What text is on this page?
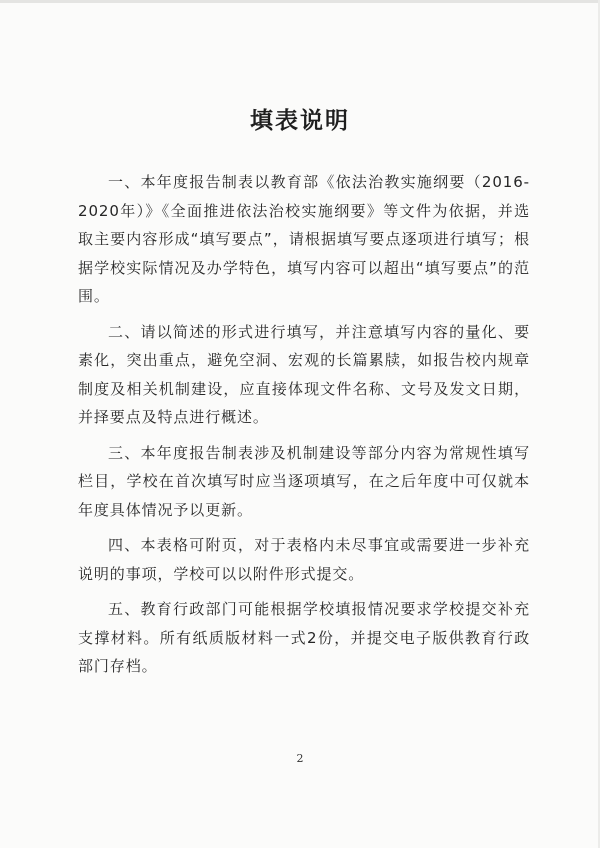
填表说明

一、本年度报告制表以教育部《依法治教实施纲要（2016-2020年）》《全面推进依法治校实施纲要》等文件为依据，并选取主要内容形成“填写要点”，请根据填写要点逐项进行填写；根据学校实际情况及办学特色，填写内容可以超出“填写要点”的范围。

二、请以简述的形式进行填写，并注意填写内容的量化、要素化，突出重点，避免空洞、宏观的长篇累牍，如报告校内规章制度及相关机制建设，应直接体现文件名称、文号及发文日期，并择要点及特点进行概述。

三、本年度报告制表涉及机制建设等部分内容为常规性填写栏目，学校在首次填写时应当逐项填写，在之后年度中可仅就本年度具体情况予以更新。

四、本表格可附页，对于表格内未尽事宜或需要进一步补充说明的事项，学校可以以附件形式提交。

五、教育行政部门可能根据学校填报情况要求学校提交补充支撑材料。所有纸质版材料一式2份，并提交电子版供教育行政部门存档。

2
